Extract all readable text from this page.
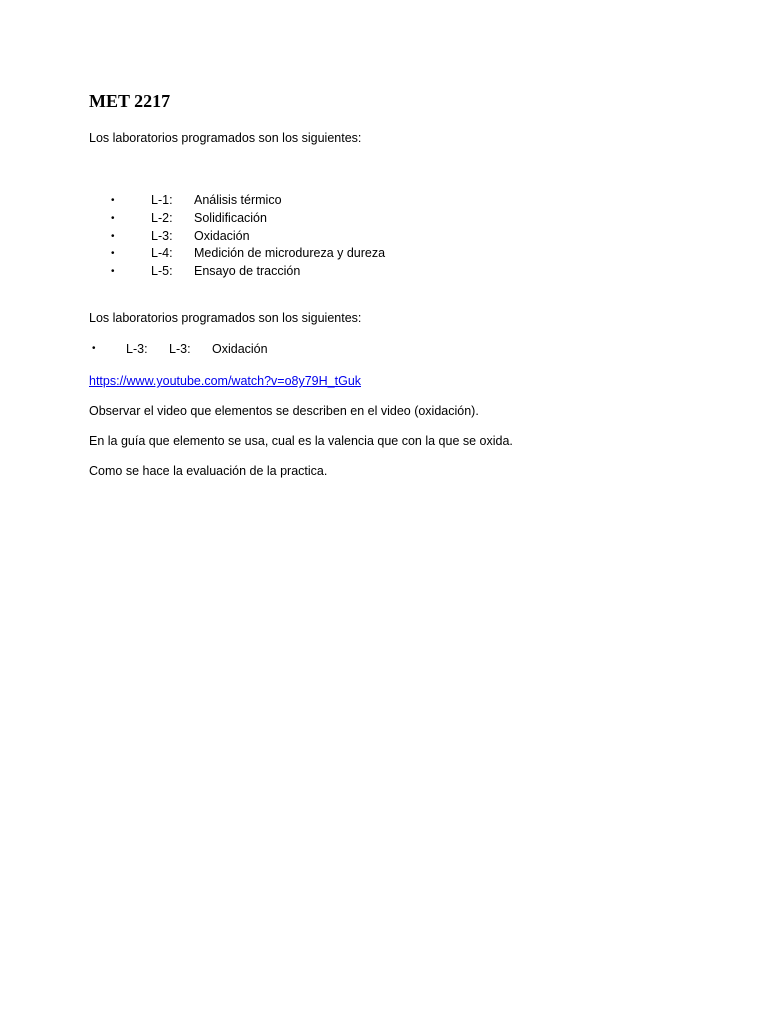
MET 2217
Los laboratorios programados son los siguientes:
•	L-1: Análisis térmico
•	L-2: Solidificación
•	L-3: Oxidación
•	L-4: Medición de microdureza y dureza
•	L-5: Ensayo de tracción
Los laboratorios programados son los siguientes:
• L-3: L-3: Oxidación
https://www.youtube.com/watch?v=o8y79H_tGuk
Observar el video que elementos se describen en el video (oxidación).
En la guía que elemento se usa, cual es la valencia que con la que se oxida.
Como se hace la evaluación de la practica.
